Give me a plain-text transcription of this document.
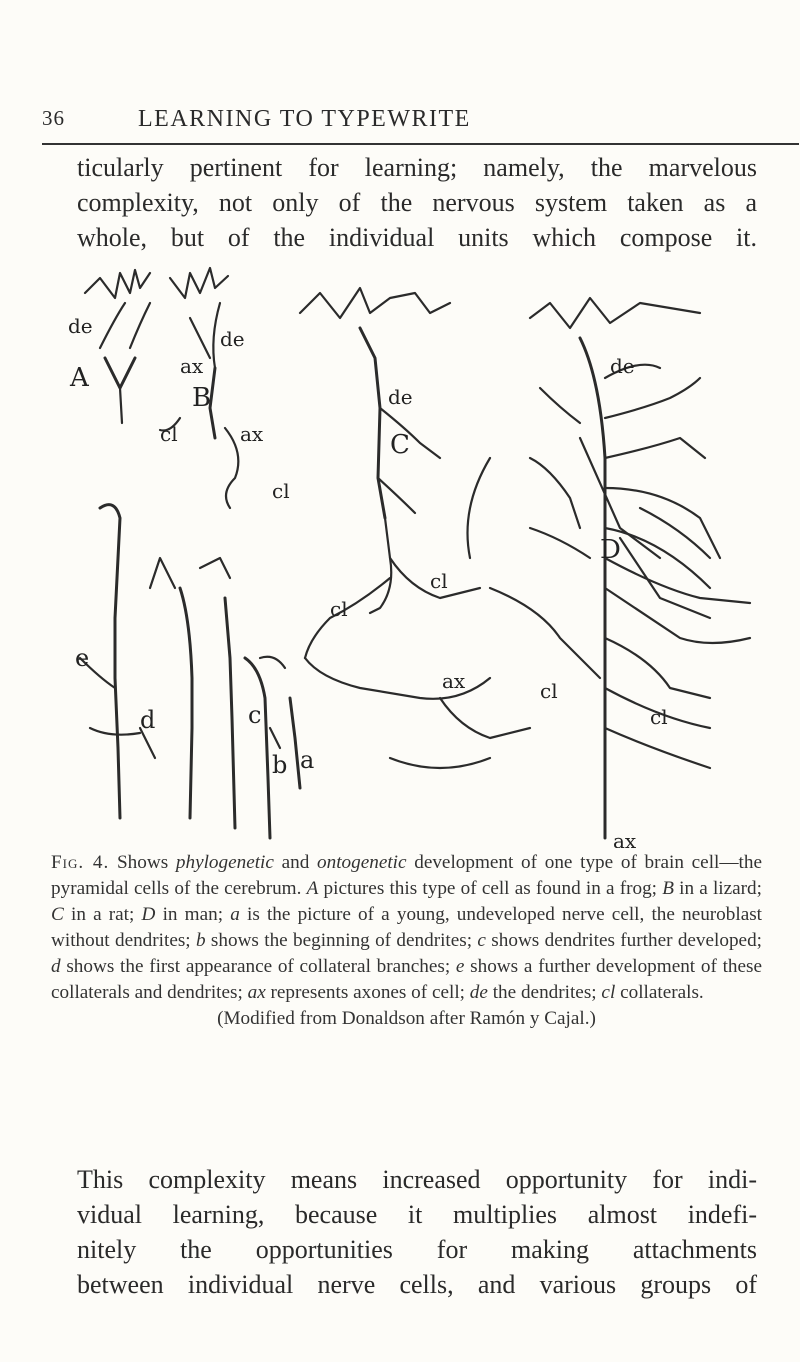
36	LEARNING TO TYPEWRITE
ticularly pertinent for learning; namely, the marvelous
complexity, not only of the nervous system taken as a
whole, but of the individual units which compose it.
de
A	ax
B
de
cl	ax
cl
C
de
cl
cl
ax
D
de
cl
cl
ax
e
d	c
b a
Fig. 4. Shows phylogenetic and ontogenetic development of one type of brain cell—the pyramidal cells of the cerebrum. A pictures this type of cell as found in a frog; B in a lizard; C in a rat; D in man; a is the picture of a young, undeveloped nerve cell, the neuroblast without dendrites; b shows the beginning of dendrites; c shows dendrites further developed; d shows the first appearance of collateral branches; e shows a further development of these collaterals and dendrites; ax represents axones of cell; de the dendrites; cl collaterals.
(Modified from Donaldson after Ramón y Cajal.)
This complexity means increased opportunity for indi-
vidual learning, because it multiplies almost indefi-
nitely the opportunities for making attachments
between individual nerve cells, and various groups of
